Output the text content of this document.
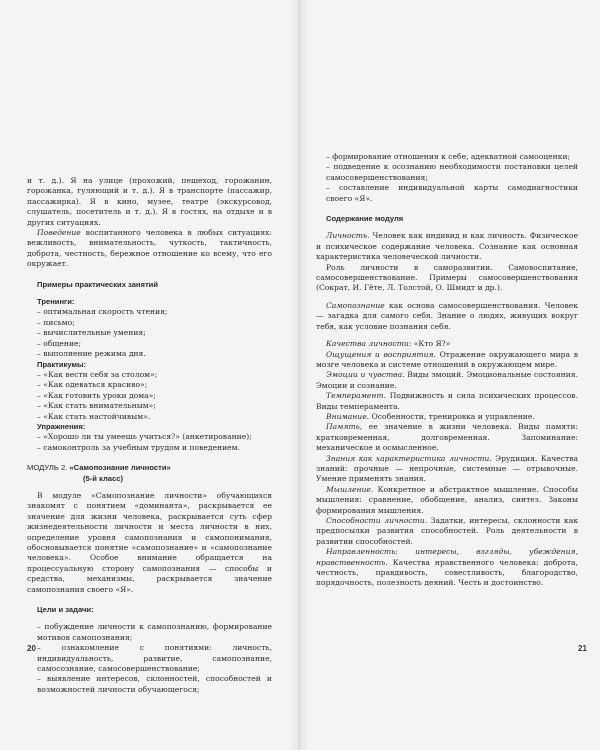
и т. д.). Я на улице (прохожий, пешеход, горожанин, горожанка, гуляющий и т. д.). Я в транспорте (пассажир, пассажирка). Я в кино, музее, театре (экскурсовод, слушатель, посетитель и т. д.). Я в гостях, на отдыхе и в других ситуациях.

Поведение воспитанного человека в любых ситуациях: вежливость, внимательность, чуткость, тактичность, доброта, честность, бережное отношение ко всему, что его окружает.

Примеры практических занятий

Тренинги:

– оптимальная скорость чтения;

– письмо;

– вычислительные умения;

– общение;

– выполнение режима дня.

Практикумы:

– «Как вести себя за столом»;

– «Как одеваться красиво»;

– «Как готовить уроки дома»;

– «Как стать внимательным»;

– «Как стать настойчивым».

Упражнения:

– «Хорошо ли ты умеешь учиться?» (анкетирование);

– самоконтроль за учебным трудом и поведением.

МОДУЛЬ 2. «Самопознание личности»

(5-й класс)

В модуле «Самопознание личности» обучающихся знакомят с понятием «доминанта», раскрывается ее значение для жизни человека, раскрывается суть сфер жизнедеятельности личности и места личности в них, определение уровня самопознания и самопонимания, обосновывается понятие «самопознание» и «самопознание человека». Особое внимание обращается на процессуальную сторону самопознания — способы и средства, механизмы, раскрывается значение самопознания своего «Я».

Цели и задачи:

– побуждение личности к самопознанию, формирование мотивов самопознания;

– ознакомление с понятиями: личность, индивидуальность, развитие, самопознание, самосознание, самосовершенствование;

– выявление интересов, склонностей, способностей и возможностей личности обучающегося;

20

– формирование отношения к себе, адекватной самооценки;

– подведение к осознанию необходимости постановки целей самосовершенствования;

– составление индивидуальной карты самодиагностики своего «Я».

Содержание модуля

Личность. Человек как индивид и как личность. Физическое и психическое содержание человека. Сознание как основная характеристика человеческой личности.

Роль личности в саморазвитии. Самовоспитание, самосовершенствование. Примеры самосовершенствования (Сократ, И. Гёте, Л. Толстой, О. Шмидт и др.).

Самопознание как основа самосовершенствования. Человек — загадка для самого себя. Знание о людях, живущих вокруг тебя, как условие познания себя.

Качества личности: «Кто Я?»

Ощущения и восприятия. Отражение окружающего мира в мозге человека и системе отношений в окружающем мире.

Эмоции и чувства. Виды эмоций. Эмоциональные состояния. Эмоции и сознание.

Темперамент. Подвижность и сила психических процессов. Виды темперамента.

Внимание. Особенности, тренировка и управление.

Память, ее значение в жизни человека. Виды памяти: кратковременная, долговременная. Запоминание: механическое и осмысленное.

Знания как характеристика личности. Эрудиция. Качества знаний: прочные — непрочные, системные — отрывочные. Умение применять знания.

Мышление. Конкретное и абстрактное мышление. Способы мышления: сравнение, обобщение, анализ, синтез. Законы формирования мышления.

Способности личности. Задатки, интересы, склонности как предпосылки развития способностей. Роль деятельности в развитии способностей.

Направленность: интересы, взгляды, убеждения, нравственность. Качества нравственного человека: доброта, честность, правдивость, совестливость, благородство, порядочность, полезность деяний. Честь и достоинство.

21
